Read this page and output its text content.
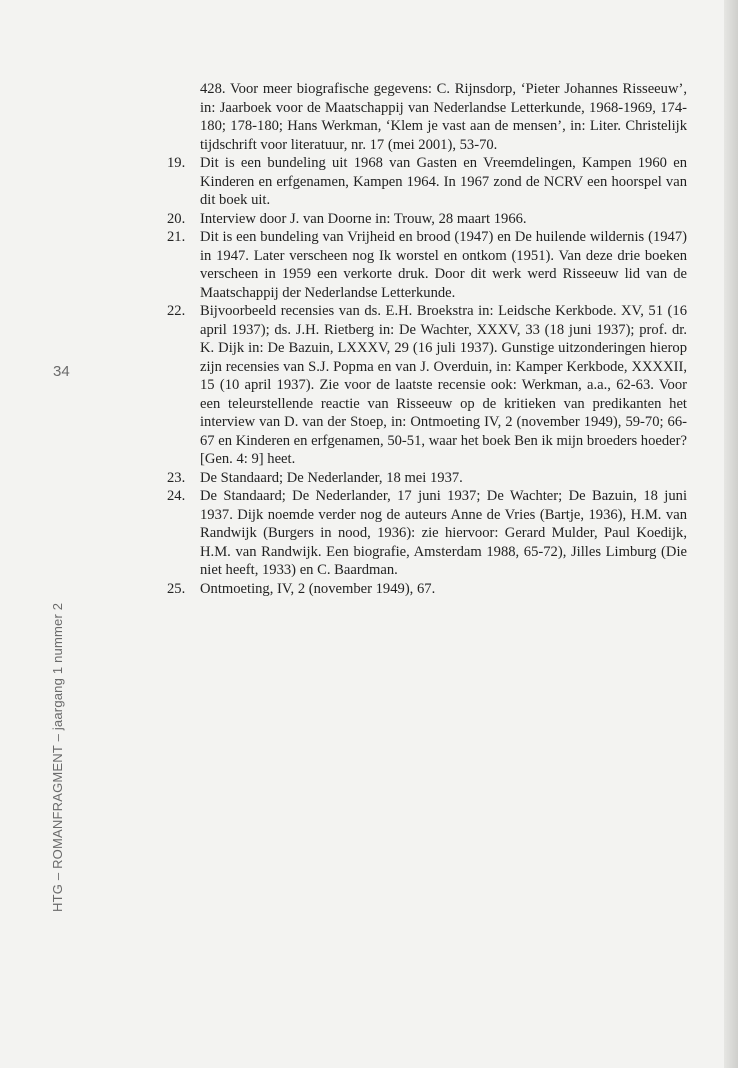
34
HTG – ROMANFRAGMENT – jaargang 1 nummer 2
428. Voor meer biografische gegevens: C. Rijnsdorp, ‘Pieter Johannes Risseeuw’, in: Jaarboek voor de Maatschappij van Nederlandse Letterkunde, 1968-1969, 174-180; 178-180; Hans Werkman, ‘Klem je vast aan de mensen’, in: Liter. Christelijk tijdschrift voor literatuur, nr. 17 (mei 2001), 53-70.
19. Dit is een bundeling uit 1968 van Gasten en Vreemdelingen, Kampen 1960 en Kinderen en erfgenamen, Kampen 1964. In 1967 zond de NCRV een hoorspel van dit boek uit.
20. Interview door J. van Doorne in: Trouw, 28 maart 1966.
21. Dit is een bundeling van Vrijheid en brood (1947) en De huilende wildernis (1947) in 1947. Later verscheen nog Ik worstel en ontkom (1951). Van deze drie boeken verscheen in 1959 een verkorte druk. Door dit werk werd Risseeuw lid van de Maatschappij der Nederlandse Letterkunde.
22. Bijvoorbeeld recensies van ds. E.H. Broekstra in: Leidsche Kerkbode. XV, 51 (16 april 1937); ds. J.H. Rietberg in: De Wachter, XXXV, 33 (18 juni 1937); prof. dr. K. Dijk in: De Bazuin, LXXXV, 29 (16 juli 1937). Gunstige uitzonderingen hierop zijn recensies van S.J. Popma en van J. Overduin, in: Kamper Kerkbode, XXXXII, 15 (10 april 1937). Zie voor de laatste recensie ook: Werkman, a.a., 62-63. Voor een teleurstellende reactie van Risseeuw op de kritieken van predikanten het interview van D. van der Stoep, in: Ontmoeting IV, 2 (november 1949), 59-70; 66-67 en Kinderen en erfgenamen, 50-51, waar het boek Ben ik mijn broeders hoeder? [Gen. 4: 9] heet.
23. De Standaard; De Nederlander, 18 mei 1937.
24. De Standaard; De Nederlander, 17 juni 1937; De Wachter; De Bazuin, 18 juni 1937. Dijk noemde verder nog de auteurs Anne de Vries (Bartje, 1936), H.M. van Randwijk (Burgers in nood, 1936): zie hiervoor: Gerard Mulder, Paul Koedijk, H.M. van Randwijk. Een biografie, Amsterdam 1988, 65-72), Jilles Limburg (Die niet heeft, 1933) en C. Baardman.
25. Ontmoeting, IV, 2 (november 1949), 67.
